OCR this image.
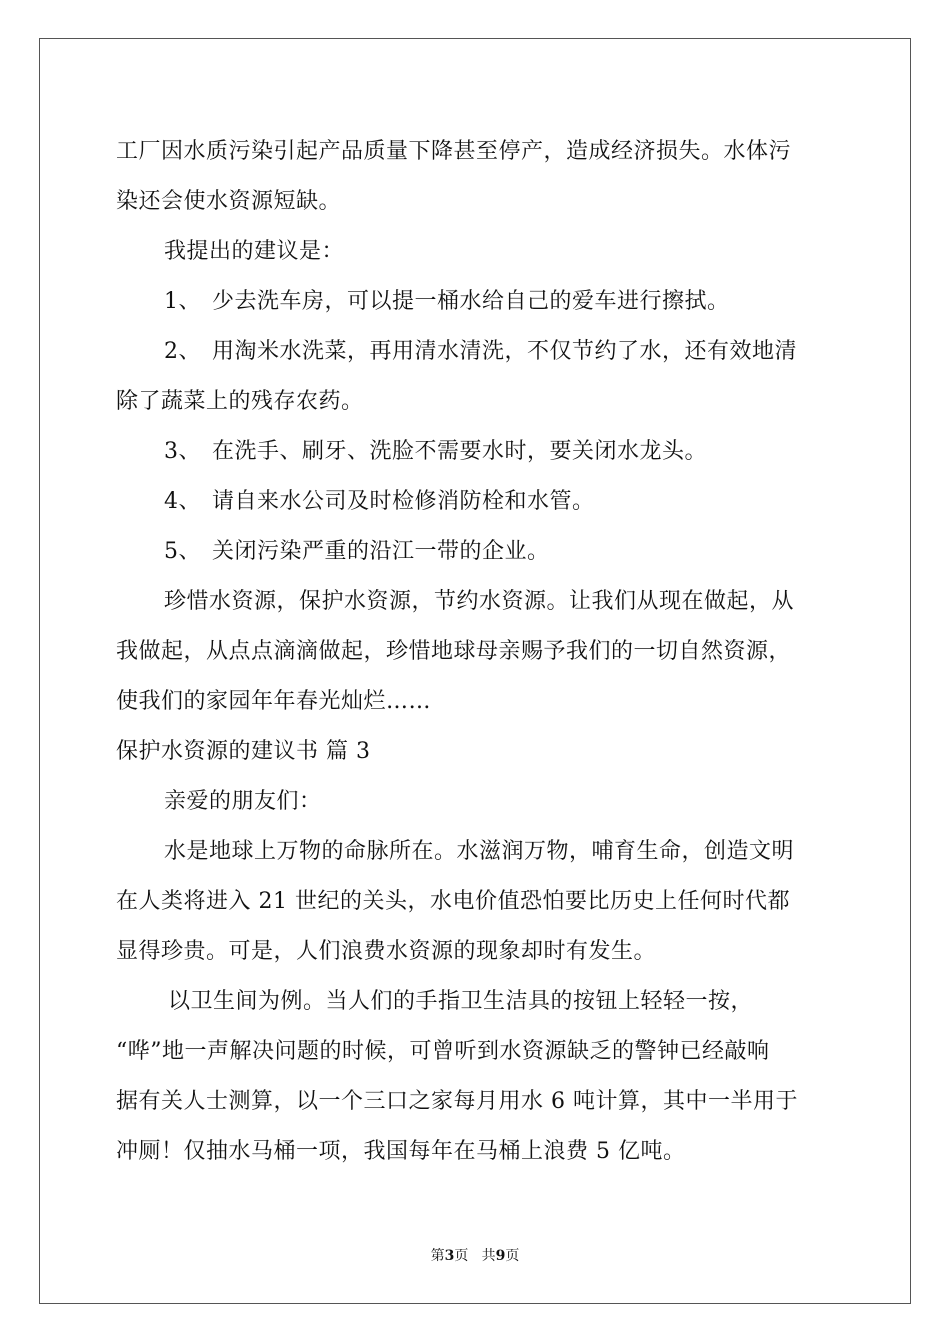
工厂因水质污染引起产品质量下降甚至停产，造成经济损失。水体污
染还会使水资源短缺。
我提出的建议是：
1、 少去洗车房，可以提一桶水给自己的爱车进行擦拭。
2、 用淘米水洗菜，再用清水清洗，不仅节约了水，还有效地清
除了蔬菜上的残存农药。
3、 在洗手、刷牙、洗脸不需要水时，要关闭水龙头。
4、 请自来水公司及时检修消防栓和水管。
5、 关闭污染严重的沿江一带的企业。
珍惜水资源，保护水资源，节约水资源。让我们从现在做起，从
我做起，从点点滴滴做起，珍惜地球母亲赐予我们的一切自然资源，
使我们的家园年年春光灿烂……
保护水资源的建议书 篇 3
亲爱的朋友们：
水是地球上万物的命脉所在。水滋润万物，哺育生命，创造文明
在人类将进入 21 世纪的关头，水电价值恐怕要比历史上任何时代都
显得珍贵。可是，人们浪费水资源的现象却时有发生。
以卫生间为例。当人们的手指卫生洁具的按钮上轻轻一按，
“哗”地一声解决问题的时候，可曾听到水资源缺乏的警钟已经敲响
据有关人士测算，以一个三口之家每月用水 6 吨计算，其中一半用于
冲厕！仅抽水马桶一项，我国每年在马桶上浪费 5 亿吨。
第3页 共9页
